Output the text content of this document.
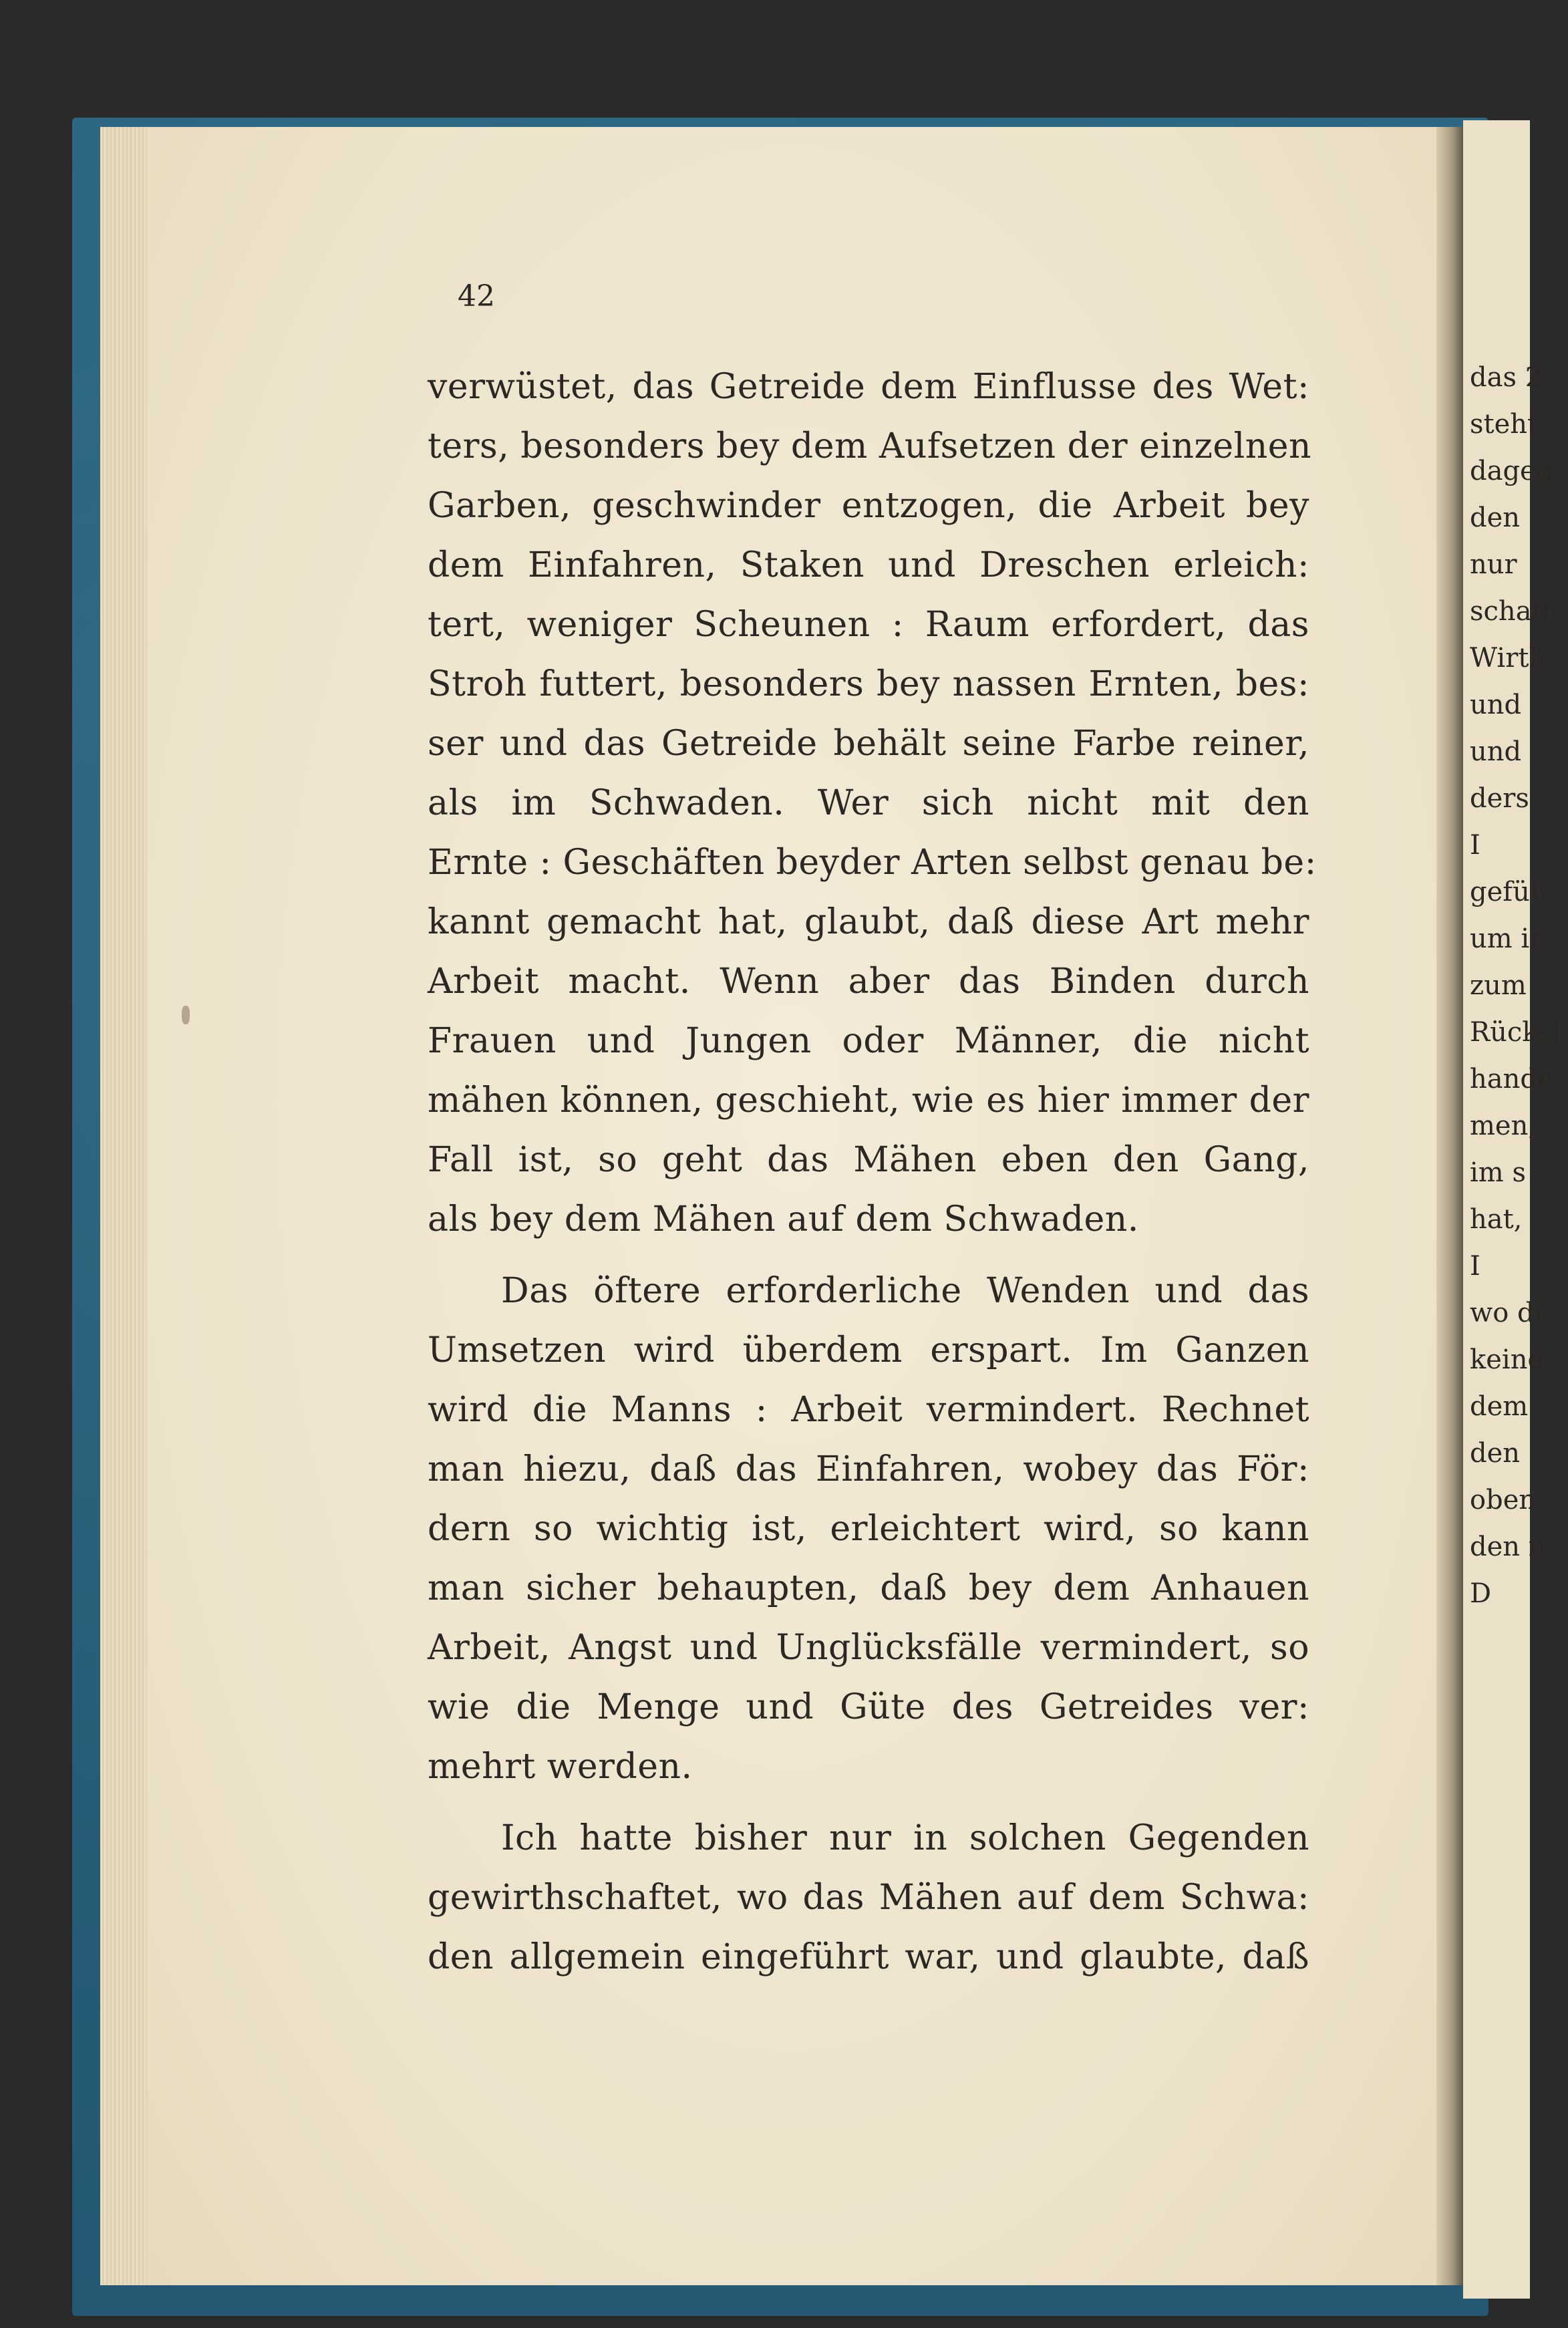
42
verwüstet, das Getreide dem Einflusse des Wet:
ters, besonders bey dem Aufsetzen der einzelnen
Garben, geschwinder entzogen, die Arbeit bey
dem Einfahren, Staken und Dreschen erleich:
tert, weniger Scheunen : Raum erfordert, das
Stroh futtert, besonders bey nassen Ernten, bes:
ser und das Getreide behält seine Farbe reiner,
als im Schwaden. Wer sich nicht mit den
Ernte : Geschäften beyder Arten selbst genau be:
kannt gemacht hat, glaubt, daß diese Art mehr
Arbeit macht. Wenn aber das Binden durch
Frauen und Jungen oder Männer, die nicht
mähen können, geschieht, wie es hier immer der
Fall ist, so geht das Mähen eben den Gang,
als bey dem Mähen auf dem Schwaden.
Das öftere erforderliche Wenden und das
Umsetzen wird überdem erspart. Im Ganzen
wird die Manns : Arbeit vermindert. Rechnet
man hiezu, daß das Einfahren, wobey das För:
dern so wichtig ist, erleichtert wird, so kann
man sicher behaupten, daß bey dem Anhauen
Arbeit, Angst und Unglücksfälle vermindert, so
wie die Menge und Güte des Getreides ver:
mehrt werden.
Ich hatte bisher nur in solchen Gegenden
gewirthschaftet, wo das Mähen auf dem Schwa:
den allgemein eingeführt war, und glaubte, daß
das 2
steht,
dageg
den
nur
schafte
Wirth
und
und
ders
I
gefüh
um ir
zum
Rücksi
hande
men,
im s
hat,
I
wo di
keine
dem
den
oben
den n
D
